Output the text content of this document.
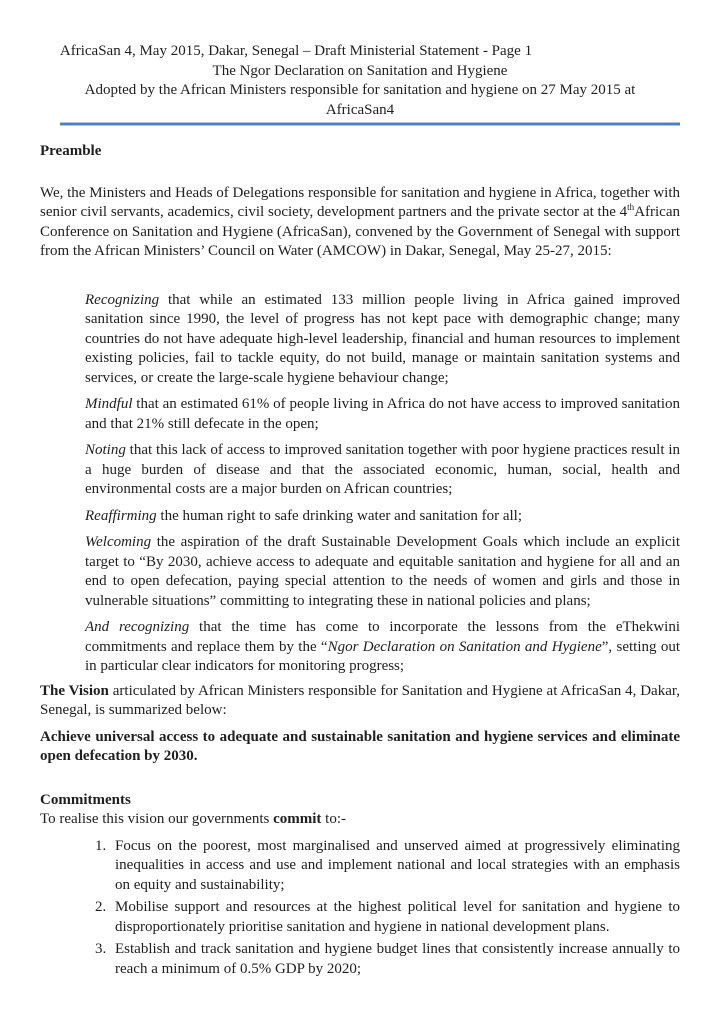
AfricaSan 4, May 2015, Dakar, Senegal – Draft Ministerial Statement - Page 1
The Ngor Declaration on Sanitation and Hygiene
Adopted by the African Ministers responsible for sanitation and hygiene on 27 May 2015 at
AfricaSan4
Preamble

We, the Ministers and Heads of Delegations responsible for sanitation and hygiene in Africa, together with senior civil servants, academics, civil society, development partners and the private sector at the 4thAfrican Conference on Sanitation and Hygiene (AfricaSan), convened by the Government of Senegal with support from the African Ministers’ Council on Water (AMCOW) in Dakar, Senegal, May 25-27, 2015:

Recognizing that while an estimated 133 million people living in Africa gained improved sanitation since 1990, the level of progress has not kept pace with demographic change; many countries do not have adequate high-level leadership, financial and human resources to implement existing policies, fail to tackle equity, do not build, manage or maintain sanitation systems and services, or create the large-scale hygiene behaviour change;

Mindful that an estimated 61% of people living in Africa do not have access to improved sanitation and that 21% still defecate in the open;

Noting that this lack of access to improved sanitation together with poor hygiene practices result in a huge burden of disease and that the associated economic, human, social, health and environmental costs are a major burden on African countries;

Reaffirming the human right to safe drinking water and sanitation for all;

Welcoming the aspiration of the draft Sustainable Development Goals which include an explicit target to “By 2030, achieve access to adequate and equitable sanitation and hygiene for all and an end to open defecation, paying special attention to the needs of women and girls and those in vulnerable situations” committing to integrating these in national policies and plans;

And recognizing that the time has come to incorporate the lessons from the eThekwini commitments and replace them by the “Ngor Declaration on Sanitation and Hygiene”, setting out in particular clear indicators for monitoring progress;

The Vision articulated by African Ministers responsible for Sanitation and Hygiene at AfricaSan 4, Dakar, Senegal, is summarized below:

Achieve universal access to adequate and sustainable sanitation and hygiene services and eliminate open defecation by 2030.

Commitments

To realise this vision our governments commit to:-

1. Focus on the poorest, most marginalised and unserved aimed at progressively eliminating inequalities in access and use and implement national and local strategies with an emphasis on equity and sustainability;
2. Mobilise support and resources at the highest political level for sanitation and hygiene to disproportionately prioritise sanitation and hygiene in national development plans.
3. Establish and track sanitation and hygiene budget lines that consistently increase annually to reach a minimum of 0.5% GDP by 2020;
